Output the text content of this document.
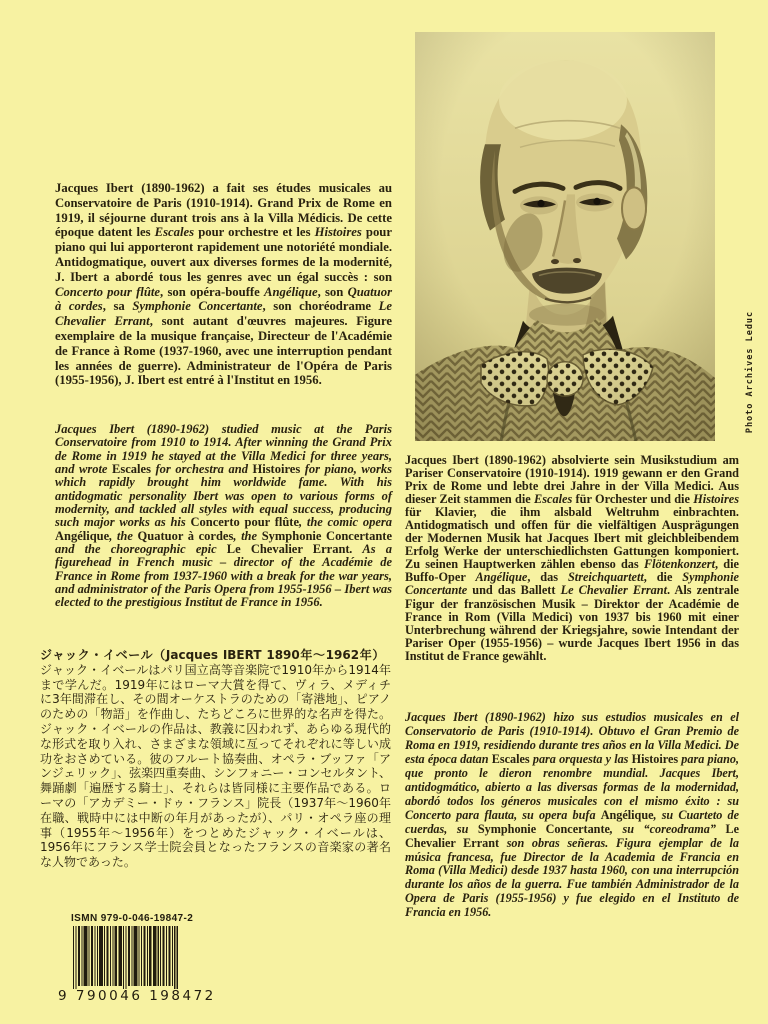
Jacques Ibert (1890-1962) a fait ses études musicales au Conservatoire de Paris (1910-1914). Grand Prix de Rome en 1919, il séjourne durant trois ans à la Villa Médicis. De cette époque datent les Escales pour orchestre et les Histoires pour piano qui lui apporteront rapidement une notoriété mondiale. Antidogmatique, ouvert aux diverses formes de la modernité, J. Ibert a abordé tous les genres avec un égal succès : son Concerto pour flûte, son opéra-bouffe Angélique, son Quatuor à cordes, sa Symphonie Concertante, son choréodrame Le Chevalier Errant, sont autant d'œuvres majeures. Figure exemplaire de la musique française, Directeur de l'Académie de France à Rome (1937-1960, avec une interruption pendant les années de guerre). Administrateur de l'Opéra de Paris (1955-1956), J. Ibert est entré à l'Institut en 1956.
Jacques Ibert (1890-1962) studied music at the Paris Conservatoire from 1910 to 1914. After winning the Grand Prix de Rome in 1919 he stayed at the Villa Medici for three years, and wrote Escales for orchestra and Histoires for piano, works which rapidly brought him worldwide fame. With his antidogmatic personality Ibert was open to various forms of modernity, and tackled all styles with equal success, producing such major works as his Concerto pour flûte, the comic opera Angélique, the Quatuor à cordes, the Symphonie Concertante and the choreographic epic Le Chevalier Errant. As a figurehead in French music – director of the Académie de France in Rome from 1937-1960 with a break for the war years, and administrator of the Paris Opera from 1955-1956 – Ibert was elected to the prestigious Institut de France in 1956.
ジャック・イベール（Jacques IBERT 1890年～1962年）　ジャック・イベールはパリ国立高等音楽院で1910年から1914年まで学んだ。1919年にはローマ大賞を得て、ヴィラ、メディチに3年間滞在し、その間オーケストラのための「寄港地」、ピアノのための「物語」を作曲し、たちどころに世界的な名声を得た。ジャック・イベールの作品は、教義に囚われず、あらゆる現代的な形式を取り入れ、さまざまな領域に亙ってそれぞれに等しい成功をおさめている。彼のフルート協奏曲、オペラ・ブッファ「アンジェリック」、弦楽四重奏曲、シンフォニー・コンセルタント、舞踊劇「遍歴する騎士」、それらは皆同様に主要作品である。ローマの「アカデミー・ドゥ・フランス」院長（1937年～1960年在職、戦時中には中断の年月があったが）、パリ・オペラ座の理事（1955年～1956年）をつとめたジャック・イベールは、1956年にフランス学士院会員となったフランスの音楽家の著名な人物であった。
Jacques Ibert (1890-1962) absolvierte sein Musikstudium am Pariser Conservatoire (1910-1914). 1919 gewann er den Grand Prix de Rome und lebte drei Jahre in der Villa Medici. Aus dieser Zeit stammen die Escales für Orchester und die Histoires für Klavier, die ihm alsbald Weltruhm einbrachten. Antidogmatisch und offen für die vielfältigen Ausprägungen der Modernen Musik hat Jacques Ibert mit gleichbleibendem Erfolg Werke der unterschiedlichsten Gattungen komponiert. Zu seinen Hauptwerken zählen ebenso das Flötenkonzert, die Buffo-Oper Angélique, das Streichquartett, die Symphonie Concertante und das Ballett Le Chevalier Errant. Als zentrale Figur der französischen Musik – Direktor der Académie de France in Rom (Villa Medici) von 1937 bis 1960 mit einer Unterbrechung während der Kriegsjahre, sowie Intendant der Pariser Oper (1955-1956) – wurde Jacques Ibert 1956 in das Institut de France gewählt.
Jacques Ibert (1890-1962) hizo sus estudios musicales en el Conservatorio de Paris (1910-1914). Obtuvo el Gran Premio de Roma en 1919, residiendo durante tres años en la Villa Medici. De esta época datan Escales para orquesta y las Histoires para piano, que pronto le dieron renombre mundial. Jacques Ibert, antidogmático, abierto a las diversas formas de la modernidad, abordó todos los géneros musicales con el mismo éxito : su Concerto para flauta, su opera bufa Angélique, su Cuarteto de cuerdas, su Symphonie Concertante, su “coreodrama” Le Chevalier Errant son obras señeras. Figura ejemplar de la música francesa, fue Director de la Academia de Francia en Roma (Villa Medici) desde 1937 hasta 1960, con una interrupción durante los años de la guerra. Fue también Administrador de la Opera de Paris (1955-1956) y fue elegido en el Instituto de Francia en 1956.
Photo Archives Leduc
ISMN 979-0-046-19847-2
9 790046 198472
